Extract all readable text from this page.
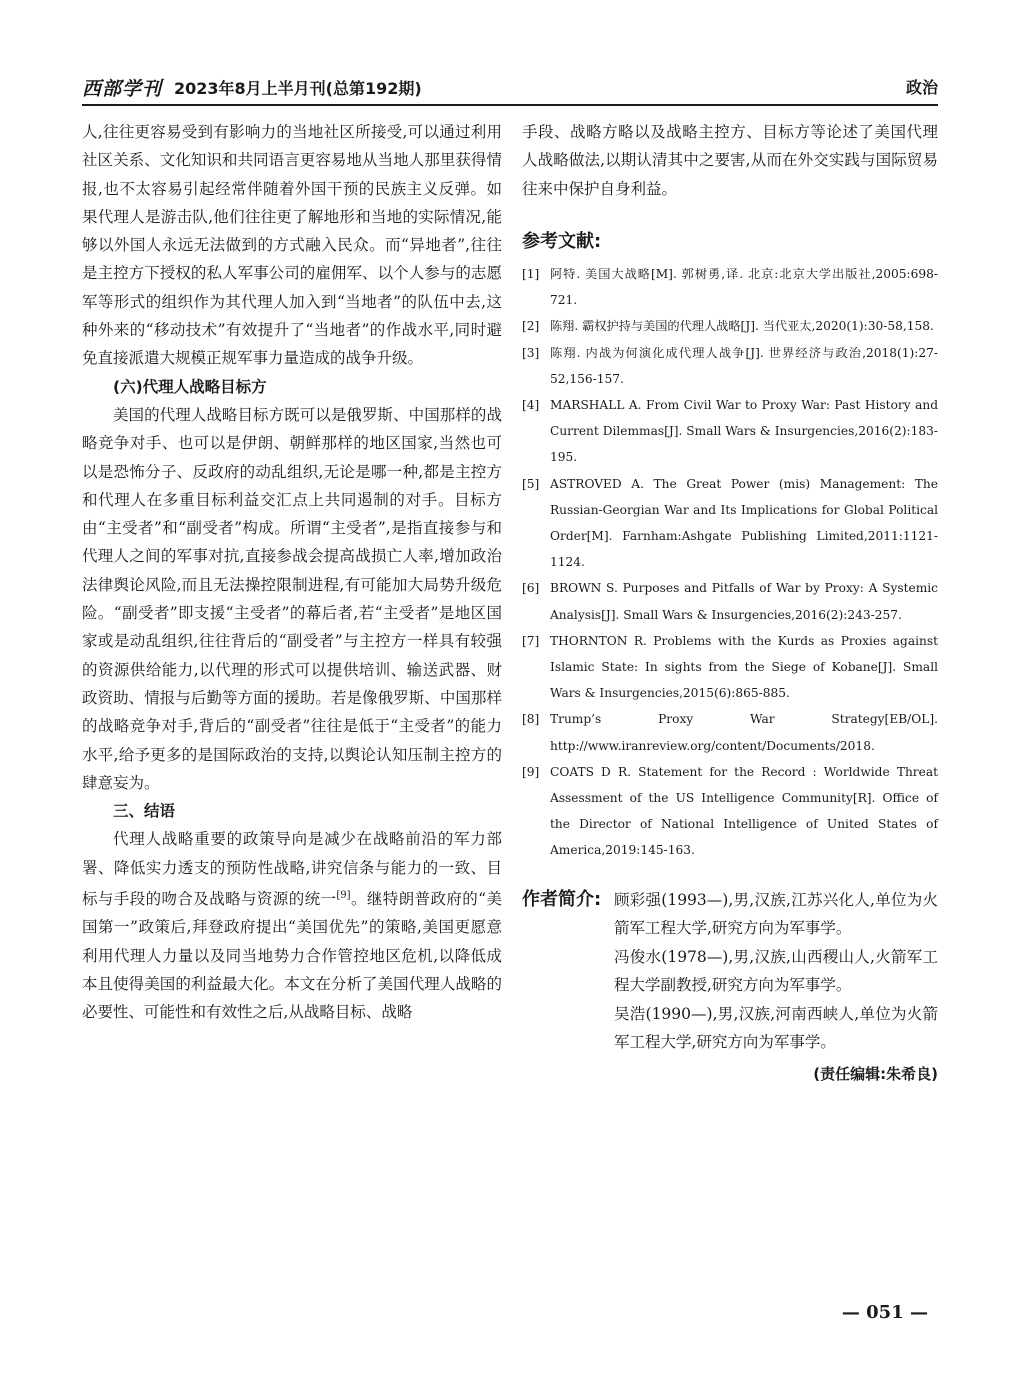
西部学刊 2023年8月上半月刊(总第192期)	政治

人,往往更容易受到有影响力的当地社区所接受,可以通过利用社区关系、文化知识和共同语言更容易地从当地人那里获得情报,也不太容易引起经常伴随着外国干预的民族主义反弹。如果代理人是游击队,他们往往更了解地形和当地的实际情况,能够以外国人永远无法做到的方式融入民众。而“异地者”,往往是主控方下授权的私人军事公司的雇佣军、以个人参与的志愿军等形式的组织作为其代理人加入到“当地者”的队伍中去,这种外来的“移动技术”有效提升了“当地者”的作战水平,同时避免直接派遣大规模正规军事力量造成的战争升级。

(六)代理人战略目标方

美国的代理人战略目标方既可以是俄罗斯、中国那样的战略竞争对手、也可以是伊朗、朝鲜那样的地区国家,当然也可以是恐怖分子、反政府的动乱组织,无论是哪一种,都是主控方和代理人在多重目标利益交汇点上共同遏制的对手。目标方由“主受者”和“副受者”构成。所谓“主受者”,是指直接参与和代理人之间的军事对抗,直接参战会提高战损亡人率,增加政治法律舆论风险,而且无法操控限制进程,有可能加大局势升级危险。“副受者”即支援“主受者”的幕后者,若“主受者”是地区国家或是动乱组织,往往背后的“副受者”与主控方一样具有较强的资源供给能力,以代理的形式可以提供培训、输送武器、财政资助、情报与后勤等方面的援助。若是像俄罗斯、中国那样的战略竞争对手,背后的“副受者”往往是低于“主受者”的能力水平,给予更多的是国际政治的支持,以舆论认知压制主控方的肆意妄为。

三、结语

代理人战略重要的政策导向是减少在战略前沿的军力部署、降低实力透支的预防性战略,讲究信条与能力的一致、目标与手段的吻合及战略与资源的统一[9]。继特朗普政府的“美国第一”政策后,拜登政府提出“美国优先”的策略,美国更愿意利用代理人力量以及同当地势力合作管控地区危机,以降低成本且使得美国的利益最大化。本文在分析了美国代理人战略的必要性、可能性和有效性之后,从战略目标、战略

手段、战略方略以及战略主控方、目标方等论述了美国代理人战略做法,以期认清其中之要害,从而在外交实践与国际贸易往来中保护自身利益。

参考文献:
[1] 阿特. 美国大战略[M]. 郭树勇,译. 北京:北京大学出版社,2005:698-721.
[2] 陈翔. 霸权护持与美国的代理人战略[J]. 当代亚太,2020(1):30-58,158.
[3] 陈翔. 内战为何演化成代理人战争[J]. 世界经济与政治,2018(1):27-52,156-157.
[4] MARSHALL A. From Civil War to Proxy War: Past History and Current Dilemmas[J]. Small Wars & Insurgencies,2016(2):183-195.
[5] ASTROVED A. The Great Power (mis) Management: The Russian-Georgian War and Its Implications for Global Political Order[M]. Farnham:Ashgate Publishing Limited,2011:1121-1124.
[6] BROWN S. Purposes and Pitfalls of War by Proxy: A Systemic Analysis[J]. Small Wars & Insurgencies,2016(2):243-257.
[7] THORNTON R. Problems with the Kurds as Proxies against Islamic State: In sights from the Siege of Kobane[J]. Small Wars & Insurgencies,2015(6):865-885.
[8] Trump’s Proxy War Strategy[EB/OL]. http://www.iranreview.org/content/Documents/2018.
[9] COATS D R. Statement for the Record : Worldwide Threat Assessment of the US Intelligence Community[R]. Office of the Director of National Intelligence of United States of America,2019:145-163.
作者简介: 顾彩强(1993—),男,汉族,江苏兴化人,单位为火箭军工程大学,研究方向为军事学。

冯俊水(1978—),男,汉族,山西稷山人,火箭军工程大学副教授,研究方向为军事学。

吴浩(1990—),男,汉族,河南西峡人,单位为火箭军工程大学,研究方向为军事学。

(责任编辑:朱希良)
— 051 —
